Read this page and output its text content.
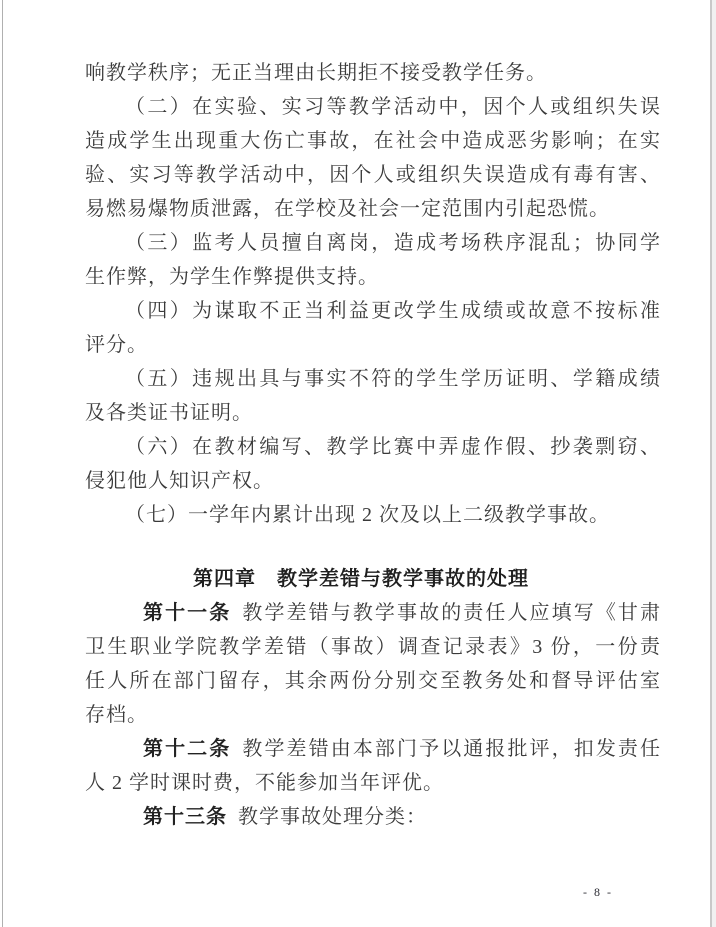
响教学秩序；无正当理由长期拒不接受教学任务。

（二）在实验、实习等教学活动中，因个人或组织失误

造成学生出现重大伤亡事故，在社会中造成恶劣影响；在实

验、实习等教学活动中，因个人或组织失误造成有毒有害、

易燃易爆物质泄露，在学校及社会一定范围内引起恐慌。

（三）监考人员擅自离岗，造成考场秩序混乱；协同学

生作弊，为学生作弊提供支持。

（四）为谋取不正当利益更改学生成绩或故意不按标准

评分。

（五）违规出具与事实不符的学生学历证明、学籍成绩

及各类证书证明。

（六）在教材编写、教学比赛中弄虚作假、抄袭剽窃、

侵犯他人知识产权。

（七）一学年内累计出现 2 次及以上二级教学事故。

第四章　教学差错与教学事故的处理

第十一条 教学差错与教学事故的责任人应填写《甘肃

卫生职业学院教学差错（事故）调查记录表》3 份，一份责

任人所在部门留存，其余两份分别交至教务处和督导评估室

存档。

第十二条 教学差错由本部门予以通报批评，扣发责任

人 2 学时课时费，不能参加当年评优。

第十三条 教学事故处理分类：

- 8 -
